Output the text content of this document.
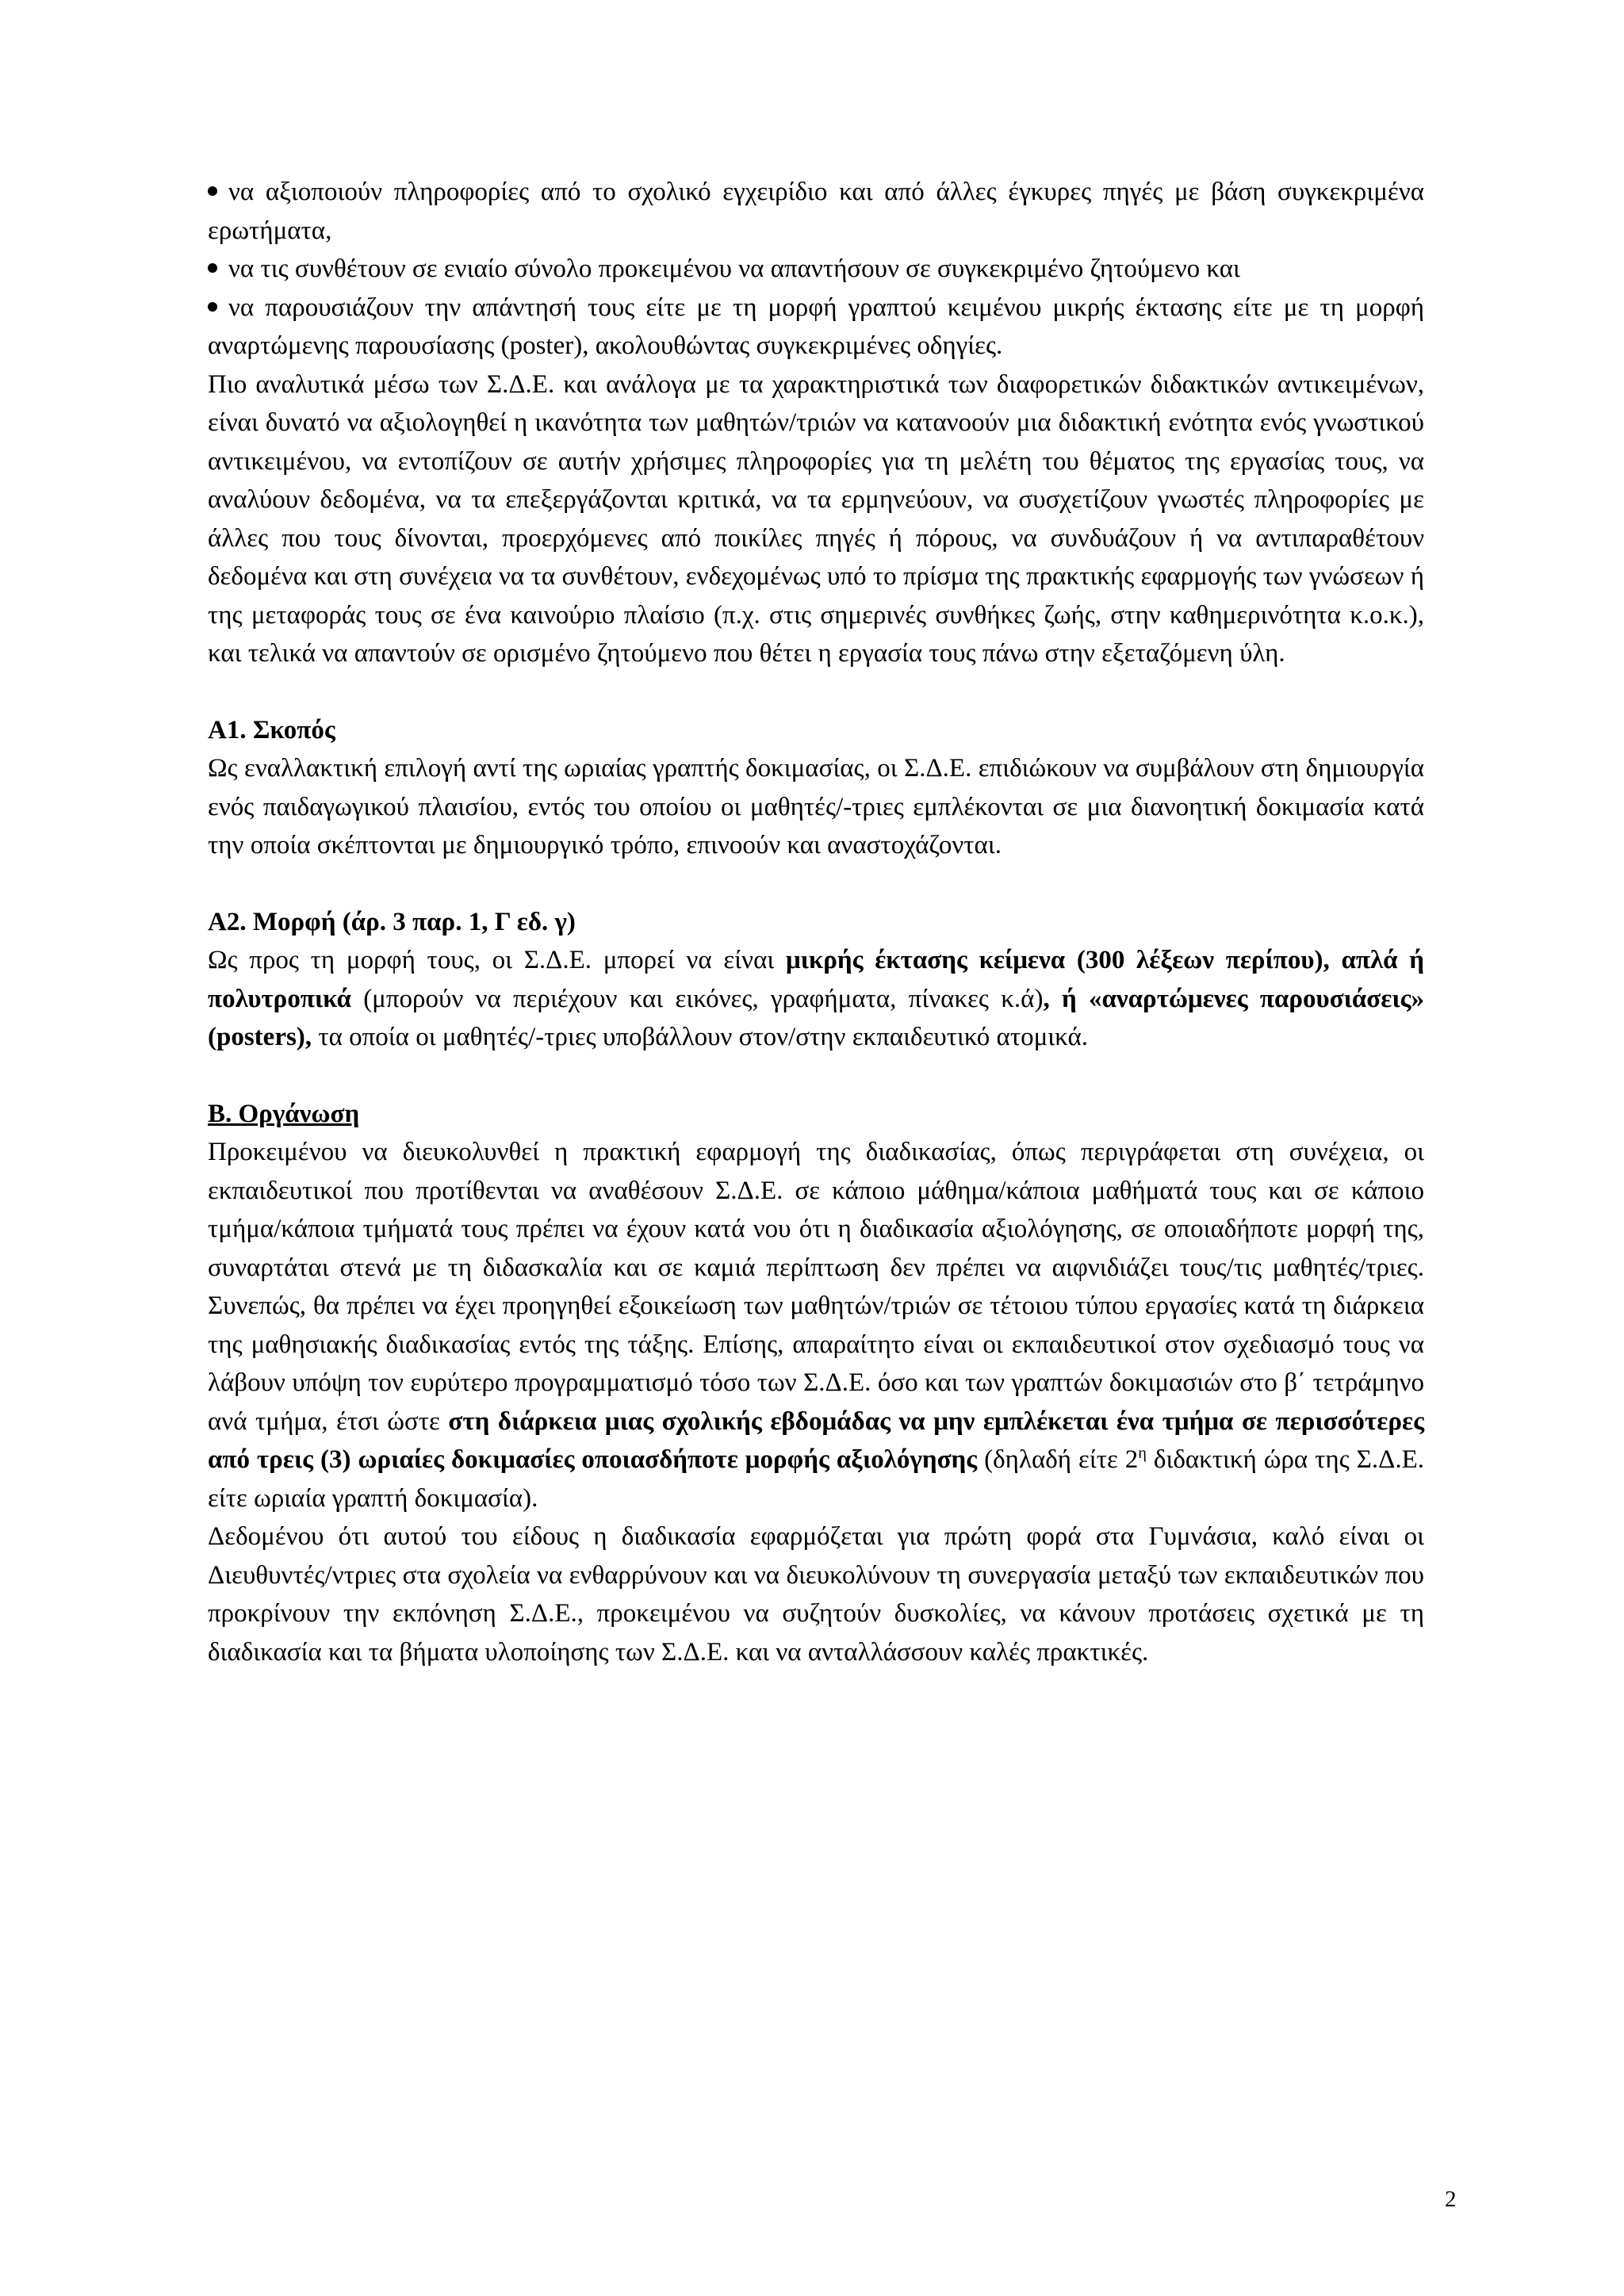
να αξιοποιούν πληροφορίες από το σχολικό εγχειρίδιο και από άλλες έγκυρες πηγές με βάση συγκεκριμένα ερωτήματα,
να τις συνθέτουν σε ενιαίο σύνολο προκειμένου να απαντήσουν σε συγκεκριμένο ζητούμενο και
να παρουσιάζουν την απάντησή τους είτε με τη μορφή γραπτού κειμένου μικρής έκτασης είτε με τη μορφή αναρτώμενης παρουσίασης (poster), ακολουθώντας συγκεκριμένες οδηγίες.

Πιο αναλυτικά μέσω των Σ.Δ.Ε. και ανάλογα με τα χαρακτηριστικά των διαφορετικών διδακτικών αντικειμένων, είναι δυνατό να αξιολογηθεί η ικανότητα των μαθητών/τριών να κατανοούν μια διδακτική ενότητα ενός γνωστικού αντικειμένου, να εντοπίζουν σε αυτήν χρήσιμες πληροφορίες για τη μελέτη του θέματος της εργασίας τους, να αναλύουν δεδομένα, να τα επεξεργάζονται κριτικά, να τα ερμηνεύουν, να συσχετίζουν γνωστές πληροφορίες με άλλες που τους δίνονται, προερχόμενες από ποικίλες πηγές ή πόρους, να συνδυάζουν ή να αντιπαραθέτουν δεδομένα και στη συνέχεια να τα συνθέτουν, ενδεχομένως υπό το πρίσμα της πρακτικής εφαρμογής των γνώσεων ή της μεταφοράς τους σε ένα καινούριο πλαίσιο (π.χ. στις σημερινές συνθήκες ζωής, στην καθημερινότητα κ.ο.κ.), και τελικά να απαντούν σε ορισμένο ζητούμενο που θέτει η εργασία τους πάνω στην εξεταζόμενη ύλη.

Α1. Σκοπός

Ως εναλλακτική επιλογή αντί της ωριαίας γραπτής δοκιμασίας, οι Σ.Δ.Ε. επιδιώκουν να συμβάλουν στη δημιουργία ενός παιδαγωγικού πλαισίου, εντός του οποίου οι μαθητές/-τριες εμπλέκονται σε μια διανοητική δοκιμασία κατά την οποία σκέπτονται με δημιουργικό τρόπο, επινοούν και αναστοχάζονται.

Α2. Μορφή (άρ. 3 παρ. 1, Γ εδ. γ)

Ως προς τη μορφή τους, οι Σ.Δ.Ε. μπορεί να είναι μικρής έκτασης κείμενα (300 λέξεων περίπου), απλά ή πολυτροπικά (μπορούν να περιέχουν και εικόνες, γραφήματα, πίνακες κ.ά), ή «αναρτώμενες παρουσιάσεις» (posters), τα οποία οι μαθητές/-τριες υποβάλλουν στον/στην εκπαιδευτικό ατομικά.

Β. Οργάνωση

Προκειμένου να διευκολυνθεί η πρακτική εφαρμογή της διαδικασίας, όπως περιγράφεται στη συνέχεια, οι εκπαιδευτικοί που προτίθενται να αναθέσουν Σ.Δ.Ε. σε κάποιο μάθημα/κάποια μαθήματά τους και σε κάποιο τμήμα/κάποια τμήματά τους πρέπει να έχουν κατά νου ότι η διαδικασία αξιολόγησης, σε οποιαδήποτε μορφή της, συναρτάται στενά με τη διδασκαλία και σε καμιά περίπτωση δεν πρέπει να αιφνιδιάζει τους/τις μαθητές/τριες. Συνεπώς, θα πρέπει να έχει προηγηθεί εξοικείωση των μαθητών/τριών σε τέτοιου τύπου εργασίες κατά τη διάρκεια της μαθησιακής διαδικασίας εντός της τάξης. Επίσης, απαραίτητο είναι οι εκπαιδευτικοί στον σχεδιασμό τους να λάβουν υπόψη τον ευρύτερο προγραμματισμό τόσο των Σ.Δ.Ε. όσο και των γραπτών δοκιμασιών στο β΄ τετράμηνο ανά τμήμα, έτσι ώστε στη διάρκεια μιας σχολικής εβδομάδας να μην εμπλέκεται ένα τμήμα σε περισσότερες από τρεις (3) ωριαίες δοκιμασίες οποιασδήποτε μορφής αξιολόγησης (δηλαδή είτε $2^\eta$ διδακτική ώρα της Σ.Δ.Ε. είτε ωριαία γραπτή δοκιμασία).

Δεδομένου ότι αυτού του είδους η διαδικασία εφαρμόζεται για πρώτη φορά στα Γυμνάσια, καλό είναι οι Διευθυντές/ντριες στα σχολεία να ενθαρρύνουν και να διευκολύνουν τη συνεργασία μεταξύ των εκπαιδευτικών που προκρίνουν την εκπόνηση Σ.Δ.Ε., προκειμένου να συζητούν δυσκολίες, να κάνουν προτάσεις σχετικά με τη διαδικασία και τα βήματα υλοποίησης των Σ.Δ.Ε. και να ανταλλάσσουν καλές πρακτικές.

2
